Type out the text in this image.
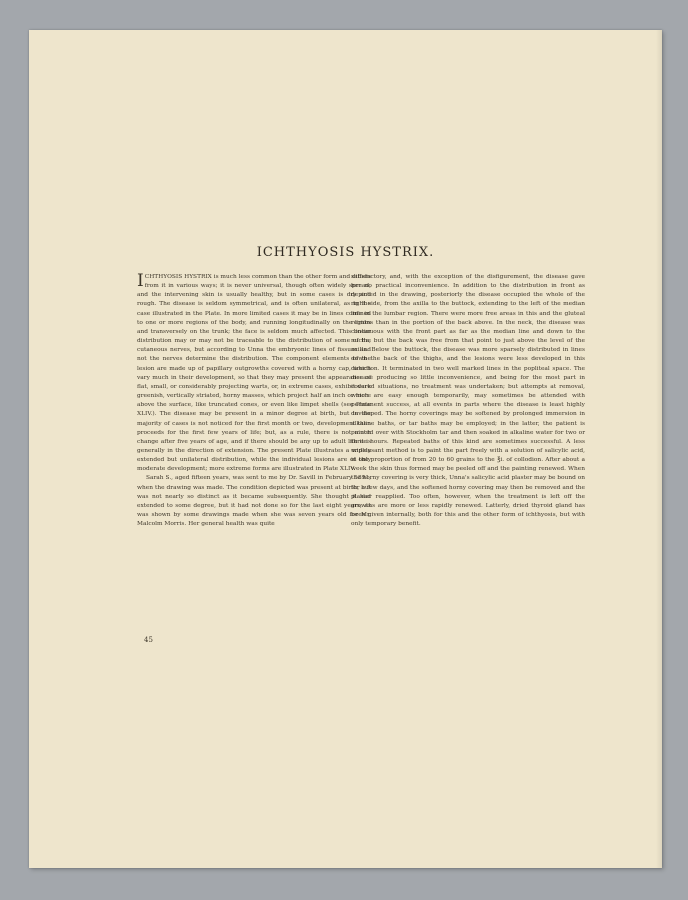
ICHTHYOSIS HYSTRIX.

ICHTHYOSIS HYSTRIX is much less common than the other form and differs from it in various ways; it is never universal, though often widely spread, and the intervening skin is usually healthy, but in some cases is dry and rough. The disease is seldom symmetrical, and is often unilateral, as in the case illustrated in the Plate. In more limited cases it may be in lines confined to one or more regions of the body, and running longitudinally on the limbs and transversely on the trunk; the face is seldom much affected. This linear distribution may or may not be traceable to the distribution of some of the cutaneous nerves, but according to Unna the embryonic lines of fissure and not the nerves determine the distribution. The component elements of the lesion are made up of papillary outgrowths covered with a horny cap, which vary much in their development, so that they may present the appearance of flat, small, or considerably projecting warts, or, in extreme cases, exhibit dark greenish, vertically striated, horny masses, which project half an inch or more above the surface, like truncated cones, or even like limpet shells (see Plate XLIV.). The disease may be present in a minor degree at birth, but in the majority of cases is not noticed for the first month or two, development then proceeds for the first few years of life; but, as a rule, there is not much change after five years of age, and if there should be any up to adult life it is generally in the direction of extension. The present Plate illustrates a widely extended but unilateral distribution, while the individual lesions are of only moderate development; more extreme forms are illustrated in Plate XLIV.

Sarah S., aged fifteen years, was sent to me by Dr. Savill in February 1891, when the drawing was made. The condition depicted was present at birth, but was not nearly so distinct as it became subsequently. She thought it had extended to some degree, but it had not done so for the last eight years, as was shown by some drawings made when she was seven years old for Mr. Malcolm Morris. Her general health was quite

45

satisfactory, and, with the exception of the disfigurement, the disease gave her no practical inconvenience. In addition to the distribution in front as depicted in the drawing, posteriorly the disease occupied the whole of the right side, from the axilla to the buttock, extending to the left of the median line in the lumbar region. There were more free areas in this and the gluteal regions than in the portion of the back above. In the neck, the disease was continuous with the front part as far as the median line and down to the nucha, but the back was free from that point to just above the level of the axilla. Below the buttock, the disease was more sparsely distributed in lines down the back of the thighs, and the lesions were less developed in this direction. It terminated in two well marked lines in the popliteal space. The disease producing so little inconvenience, and being for the most part in covered situations, no treatment was undertaken; but attempts at removal, which are easy enough temporarily, may sometimes be attended with permanent success, at all events in parts where the disease is least highly developed. The horny coverings may be softened by prolonged immersion in alkaline baths, or tar baths may be employed; in the latter, the patient is painted over with Stockholm tar and then soaked in alkaline water for two or three hours. Repeated baths of this kind are sometimes successful. A less unpleasant method is to paint the part freely with a solution of salicylic acid, in the proportion of from 20 to 60 grains to the ℥i. of collodion. After about a week the skin thus formed may be peeled off and the painting renewed. When the horny covering is very thick, Unna's salicylic acid plaster may be bound on for a few days, and the softened horny covering may then be removed and the plaster reapplied. Too often, however, when the treatment is left off the growths are more or less rapidly renewed. Latterly, dried thyroid gland has been given internally, both for this and the other form of ichthyosis, but with only temporary benefit.
